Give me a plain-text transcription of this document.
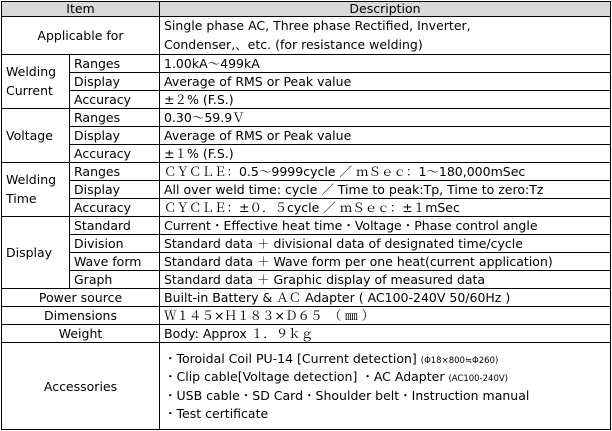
Item		Description
Applicable for		Single phase AC, Three phase Rectified, Inverter,
Condenser,、etc. (for resistance welding)

Welding
Current	Ranges	1.00kA～499kA
	Display	Average of RMS or Peak value
	Accuracy	±２% (F.S.)
Voltage	Ranges	0.30～59.9Ｖ
	Display	Average of RMS or Peak value
	Accuracy	±１% (F.S.)

Welding
Time	Ranges	ＣＹＣＬＥ：0.5～9999cycle ／ ｍＳｅｃ：1～180,000mSec
	Display	All over weld time: cycle ／ Time to peak:Tp, Time to zero:Tz
	Accuracy	ＣＹＣＬＥ：±０．５cycle ／ ｍＳｅｃ：±１mSec
Display	Standard	Current・Effective heat time・Voltage・Phase control angle
	Division	Standard data ＋ divisional data of designated time/cycle
	Wave form	Standard data ＋ Wave form per one heat(current application)
	Graph	Standard data ＋ Graphic display of measured data
Power source		Built-in Battery & ＡＣ Adapter ( AC100-240V 50/60Hz )
Dimensions		Ｗ１４５×Ｈ１８３×Ｄ６５　（ ㎜ ）
Weight		Body: Approx １．９ｋｇ
Accessories		・Toroidal Coil PU-14 [Current detection] (Φ18×800≒Φ260)
・Clip cable[Voltage detection] ・AC Adapter (AC100-240V)
・USB cable・SD Card・Shoulder belt・Instruction manual
・Test certificate
